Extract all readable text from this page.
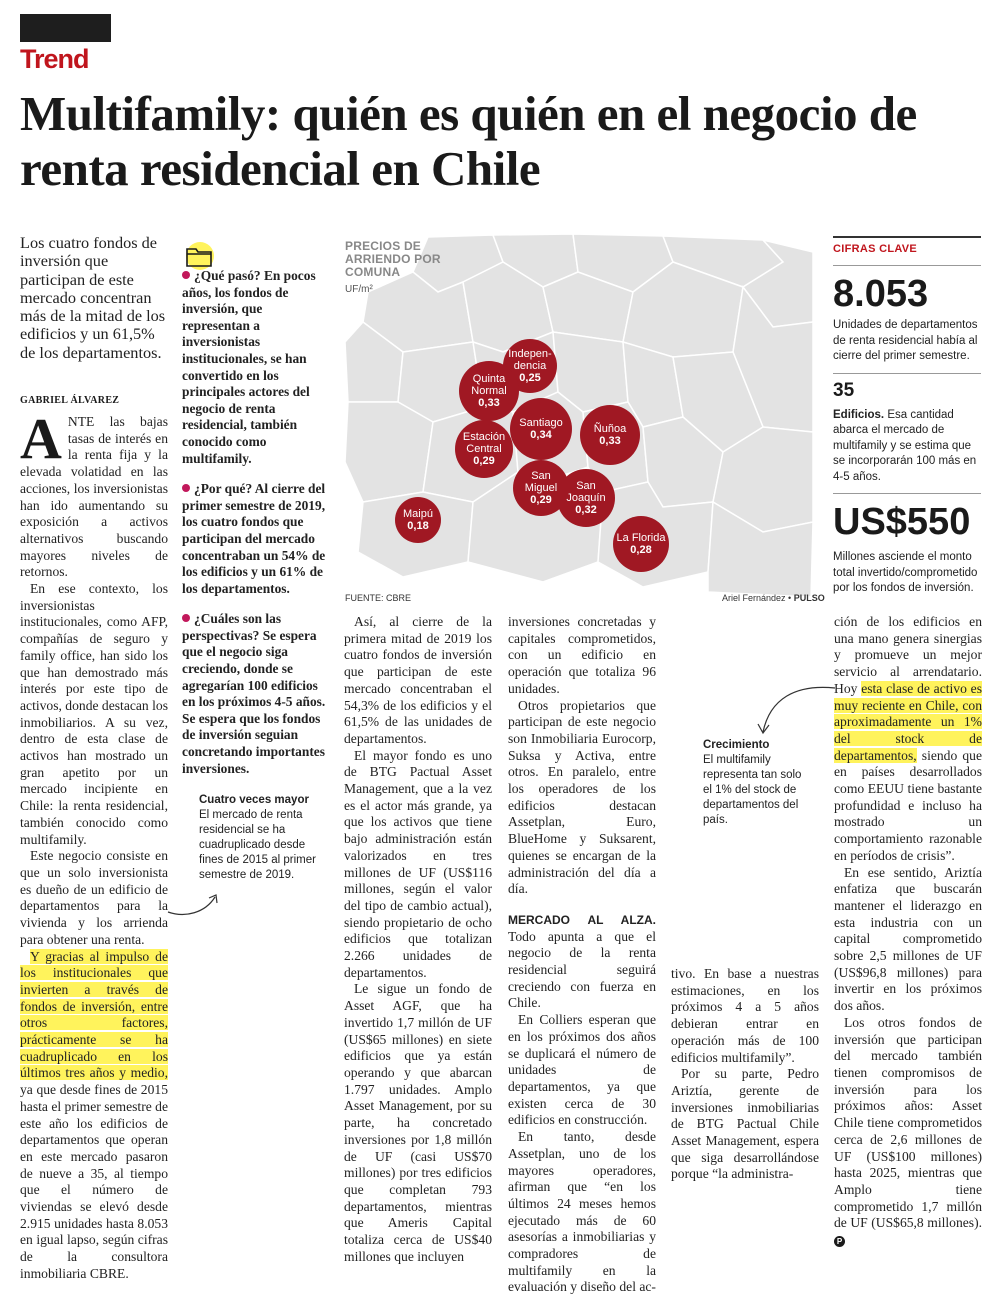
Trend
Multifamily: quién es quién en el negocio de renta residencial en Chile
Los cuatro fondos de inversión que participan de este mercado concentran más de la mitad de los edificios y un 61,5% de los departamentos.
GABRIEL ÁLVAREZ

ANTE las bajas tasas de interés en la renta fija y la elevada volatidad en las acciones, los inversionistas han ido aumentando su exposición a activos alternativos buscando mayores niveles de retornos.

En ese contexto, los inversionistas institucionales, como AFP, compañías de seguro y family office, han sido los que han demostrado más interés por este tipo de activos, donde destacan los inmobiliarios. A su vez, dentro de esta clase de activos han mostrado un gran apetito por un mercado incipiente en Chile: la renta residencial, también conocido como multifamily.

Este negocio consiste en que un solo inversionista es dueño de un edificio de departamentos para la vivienda y los arrienda para obtener una renta.

Y gracias al impulso de los institucionales que invierten a través de fondos de inversión, entre otros factores, prácticamente se ha cuadruplicado en los últimos tres años y medio, ya que desde fines de 2015 hasta el primer semestre de este año los edificios de departamentos que operan en este mercado pasaron de nueve a 35, al tiempo que el número de viviendas se elevó desde 2.915 unidades hasta 8.053 en igual lapso, según cifras de la consultora inmobiliaria CBRE.

¿Qué pasó? En pocos años, los fondos de inversión, que representan a inversionistas institucionales, se han convertido en los principales actores del negocio de renta residencial, también conocido como multifamily.
¿Por qué? Al cierre del primer semestre de 2019, los cuatro fondos que participan del mercado concentraban un 54% de los edificios y un 61% de los departamentos.
¿Cuáles son las perspectivas? Se espera que el negocio siga creciendo, donde se agregarían 100 edificios en los próximos 4-5 años. Se espera que los fondos de inversión seguian concretando importantes inversiones.
Cuatro veces mayor
El mercado de renta residencial se ha cuadruplicado desde fines de 2015 al primer semestre de 2019.
PRECIOS DE
ARRIENDO POR
COMUNA
UF/m²
Indepen-
dencia
0,25
Quinta
Normal
0,33
Santiago
0,34	Ñuñoa
0,33
Estación
Central
0,29
San
Miguel
0,29
San
Joaquín
0,32
Maipú
0,18
La Florida
0,28
FUENTE: CBRE	Ariel Fernández • PULSO
CIFRAS CLAVE
8.053
Unidades de departamentos de renta residencial había al cierre del primer semestre.
35
Edificios. Esa cantidad abarca el mercado de multifamily y se estima que se incorporarán 100 más en 4-5 años.
US$550
Millones asciende el monto total invertido/comprometido por los fondos de inversión.

Así, al cierre de la primera mitad de 2019 los cuatro fondos de inversión que participan de este mercado concentraban el 54,3% de los edificios y el 61,5% de las unidades de departamentos.

El mayor fondo es uno de BTG Pactual Asset Management, que a la vez es el actor más grande, ya que los activos que tiene bajo administración están valorizados en tres millones de UF (US$116 millones, según el valor del tipo de cambio actual), siendo propietario de ocho edificios que totalizan 2.266 unidades de departamentos.

Le sigue un fondo de Asset AGF, que ha invertido 1,7 millón de UF (US$65 millones) en siete edificios que ya están operando y que abarcan 1.797 unidades. Amplo Asset Management, por su parte, ha concretado inversiones por 1,8 millón de UF (casi US$70 millones) por tres edificios que completan 793 departamentos, mientras que Ameris Capital totaliza cerca de US$40 millones que incluyen

inversiones concretadas y capitales comprometidos, con un edificio en operación que totaliza 96 unidades.

Otros propietarios que participan de este negocio son Inmobiliaria Eurocorp, Suksa y Activa, entre otros. En paralelo, entre los operadores de los edificios destacan Assetplan, Euro, BlueHome y Suksarent, quienes se encargan de la administración del día a día.

MERCADO AL ALZA. Todo apunta a que el negocio de la renta residencial seguirá creciendo con fuerza en Chile.

En Colliers esperan que en los próximos dos años se duplicará el número de unidades de departamentos, ya que existen cerca de 30 edificios en construcción.

En tanto, desde Assetplan, uno de los mayores operadores, afirman que “en los últimos 24 meses hemos ejecutado más de 60 asesorías a inmobiliarias y compradores de multifamily en la evaluación y diseño del ac-

Crecimiento
El multifamily representa tan solo el 1% del stock de departamentos del país.

tivo. En base a nuestras estimaciones, en los próximos 4 a 5 años debieran entrar en operación más de 100 edificios multifamily”.

Por su parte, Pedro Ariztía, gerente de inversiones inmobiliarias de BTG Pactual Chile Asset Management, espera que siga desarrollándose porque “la administra-

ción de los edificios en una mano genera sinergias y promueve un mejor servicio al arrendatario. Hoy esta clase de activo es muy reciente en Chile, con aproximadamente un 1% del stock de departamentos, siendo que en países desarrollados como EEUU tiene bastante profundidad e incluso ha mostrado un comportamiento razonable en períodos de crisis”.

En ese sentido, Ariztía enfatiza que buscarán mantener el liderazgo en esta industria con un capital comprometido sobre 2,5 millones de UF (US$96,8 millones) para invertir en los próximos dos años.

Los otros fondos de inversión que participan del mercado también tienen compromisos de inversión para los próximos años: Asset Chile tiene comprometidos cerca de 2,6 millones de UF (US$100 millones) hasta 2025, mientras que Amplo tiene comprometido 1,7 millón de UF (US$65,8 millones). P
